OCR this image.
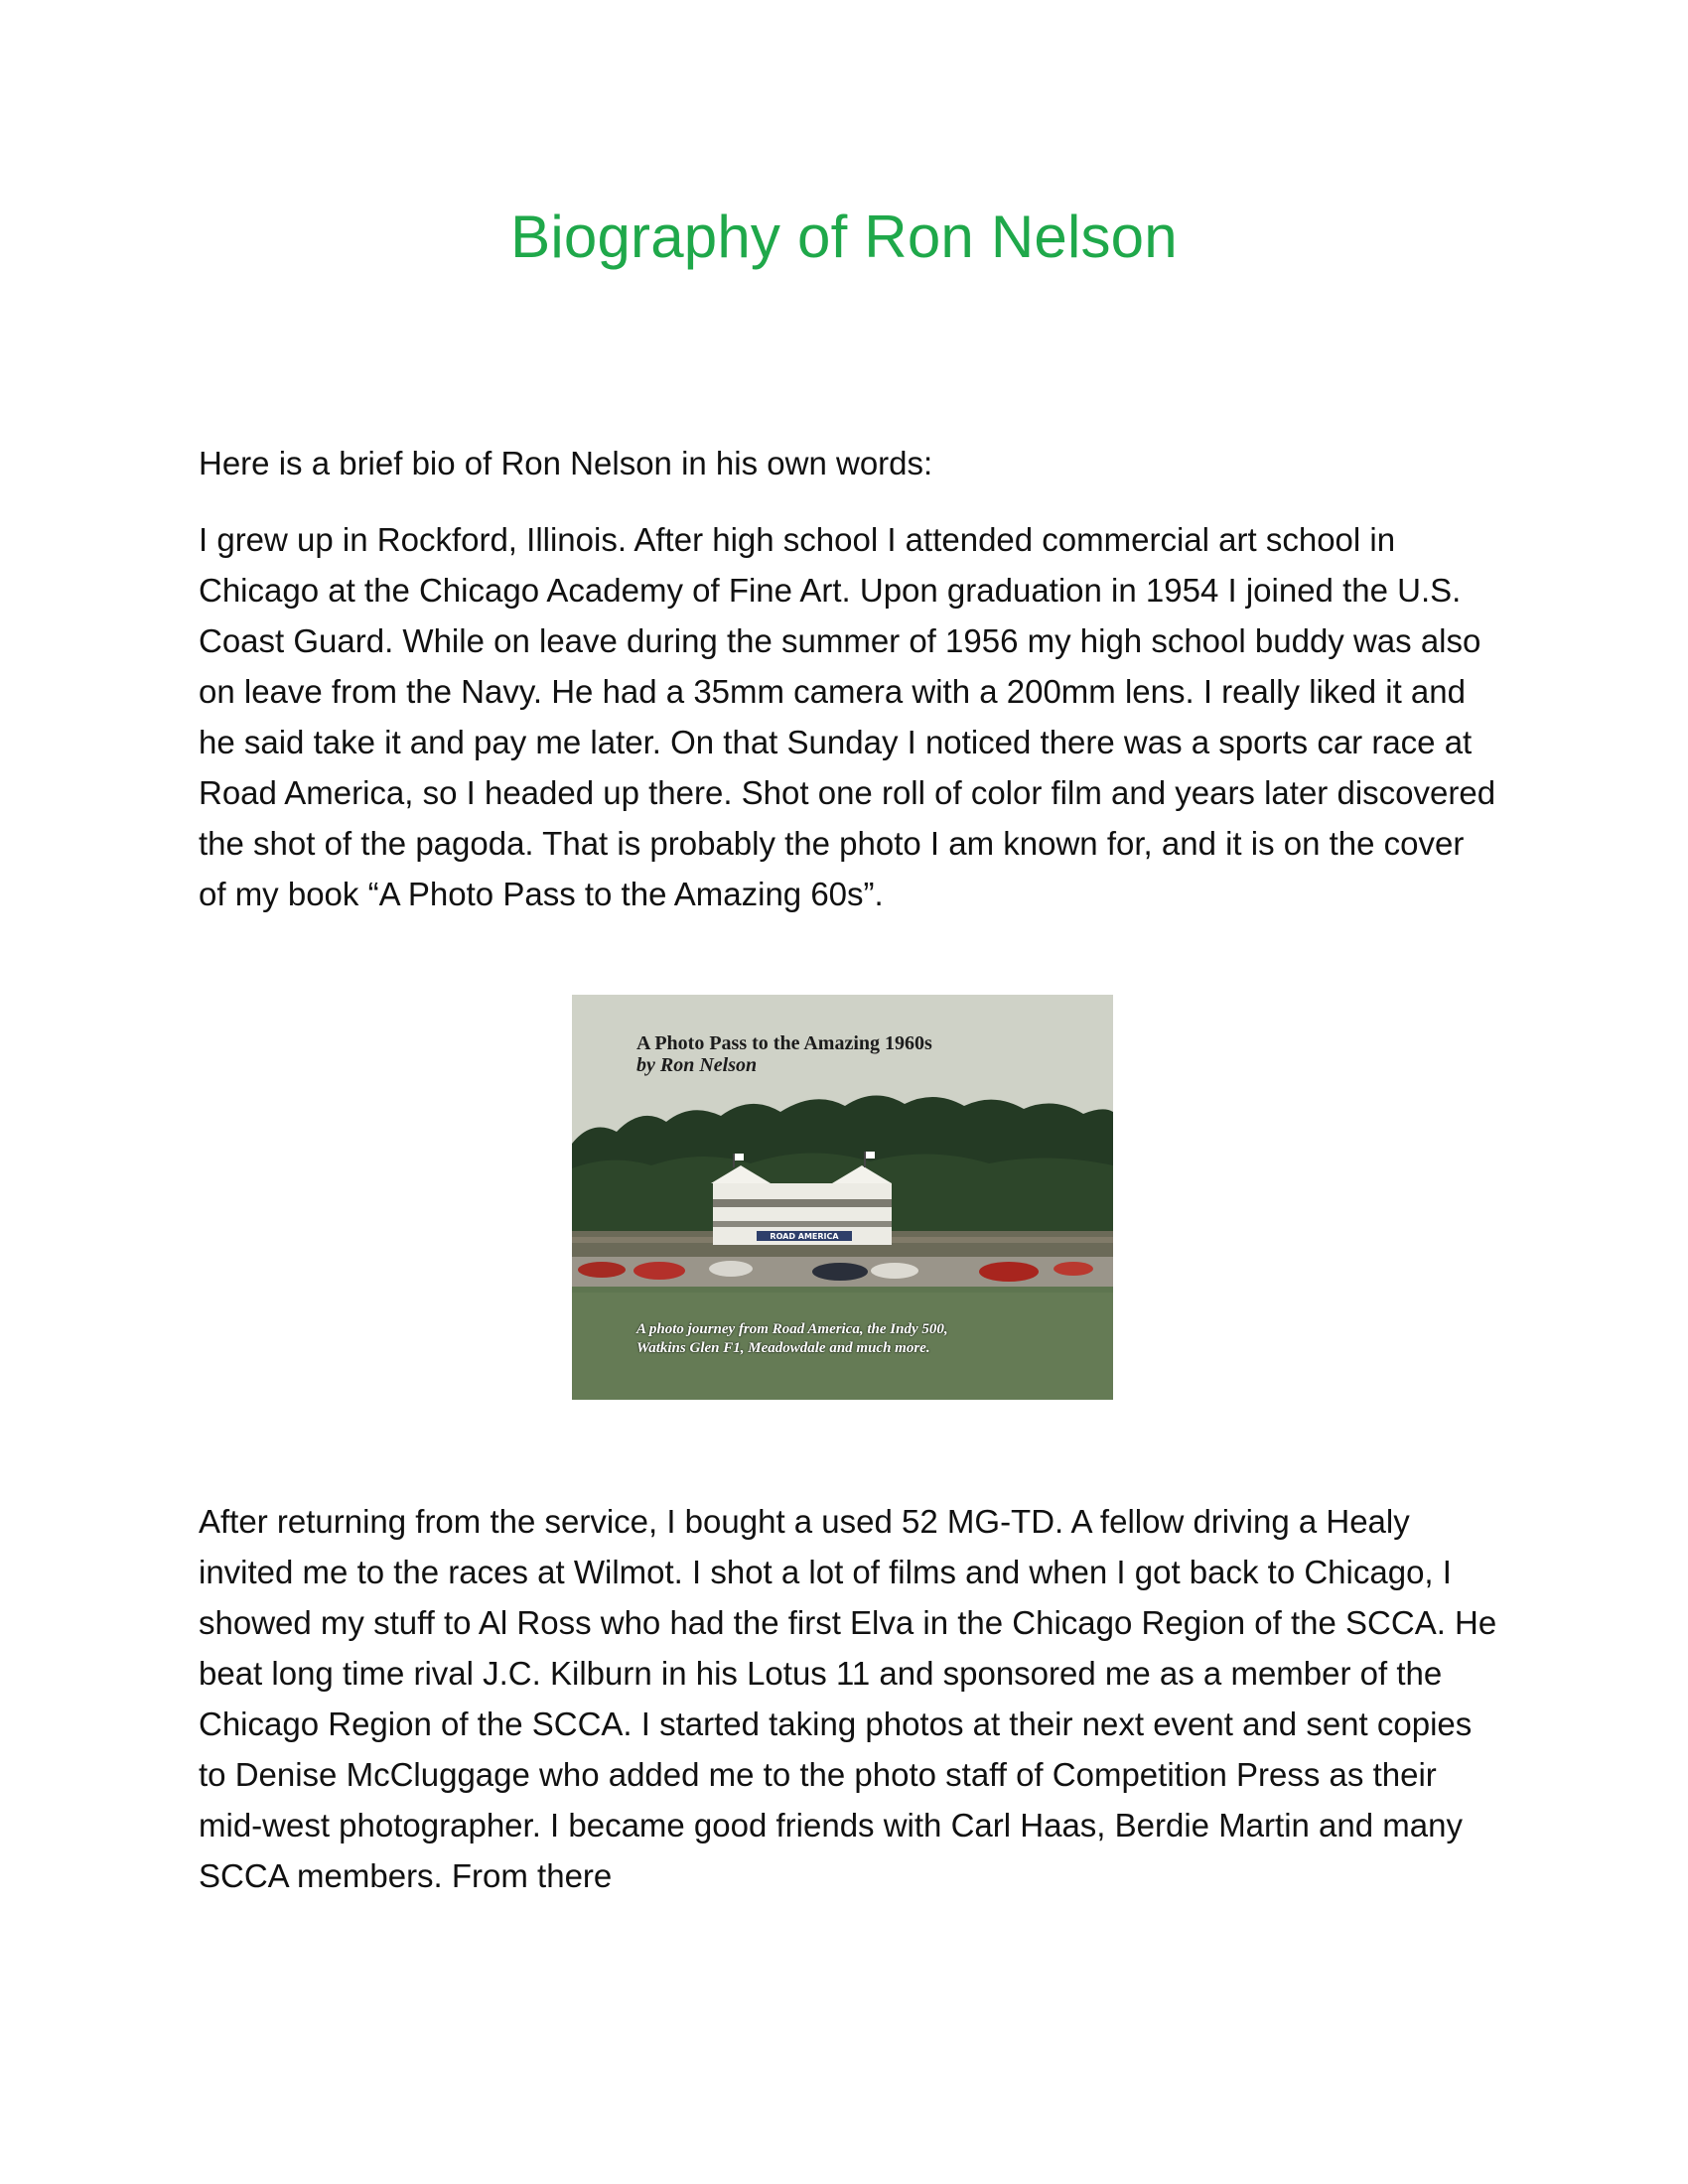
Biography of Ron Nelson

Here is a brief bio of Ron Nelson in his own words:

I grew up in Rockford, Illinois. After high school I attended commercial art school in Chicago at the Chicago Academy of Fine Art. Upon graduation in 1954 I joined the U.S. Coast Guard. While on leave during the summer of 1956 my high school buddy was also on leave from the Navy. He had a 35mm camera with a 200mm lens. I really liked it and he said take it and pay me later. On that Sunday I noticed there was a sports car race at Road America, so I headed up there. Shot one roll of color film and years later discovered the shot of the pagoda. That is probably the photo I am known for, and it is on the cover of my book “A Photo Pass to the Amazing 60s”.

ROAD AMERICA

A Photo Pass to the Amazing 1960s
by Ron Nelson

A photo journey from Road America, the Indy 500,
Watkins Glen F1, Meadowdale and much more.

After returning from the service, I bought a used 52 MG-TD. A fellow driving a Healy invited me to the races at Wilmot. I shot a lot of films and when I got back to Chicago, I showed my stuff to Al Ross who had the first Elva in the Chicago Region of the SCCA. He beat long time rival J.C. Kilburn in his Lotus 11 and sponsored me as a member of the Chicago Region of the SCCA. I started taking photos at their next event and sent copies to Denise McCluggage who added me to the photo staff of Competition Press as their mid-west photographer. I became good friends with Carl Haas, Berdie Martin and many SCCA members. From there
